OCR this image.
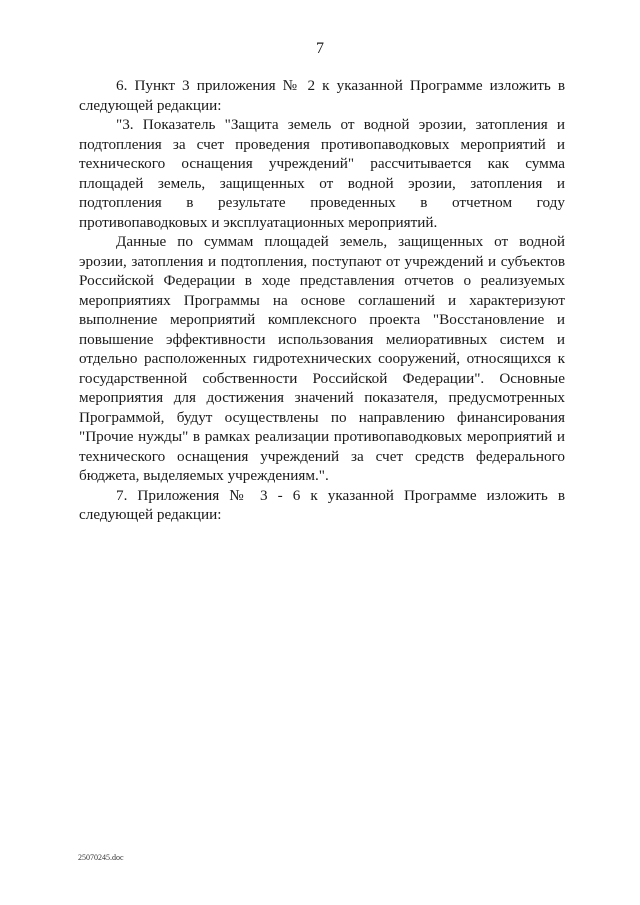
7

6. Пункт 3 приложения № 2 к указанной Программе изложить в следующей редакции:

"3. Показатель "Защита земель от водной эрозии, затопления и подтопления за счет проведения противопаводковых мероприятий и технического оснащения учреждений" рассчитывается как сумма площадей земель, защищенных от водной эрозии, затопления и подтопления в результате проведенных в отчетном году противопаводковых и эксплуатационных мероприятий.

Данные по суммам площадей земель, защищенных от водной эрозии, затопления и подтопления, поступают от учреждений и субъектов Российской Федерации в ходе представления отчетов о реализуемых мероприятиях Программы на основе соглашений и характеризуют выполнение мероприятий комплексного проекта "Восстановление и повышение эффективности использования мелиоративных систем и отдельно расположенных гидротехнических сооружений, относящихся к государственной собственности Российской Федерации". Основные мероприятия для достижения значений показателя, предусмотренных Программой, будут осуществлены по направлению финансирования "Прочие нужды" в рамках реализации противопаводковых мероприятий и технического оснащения учреждений за счет средств федерального бюджета, выделяемых учреждениям.".

7. Приложения № 3 - 6 к указанной Программе изложить в следующей редакции:

25070245.doc
